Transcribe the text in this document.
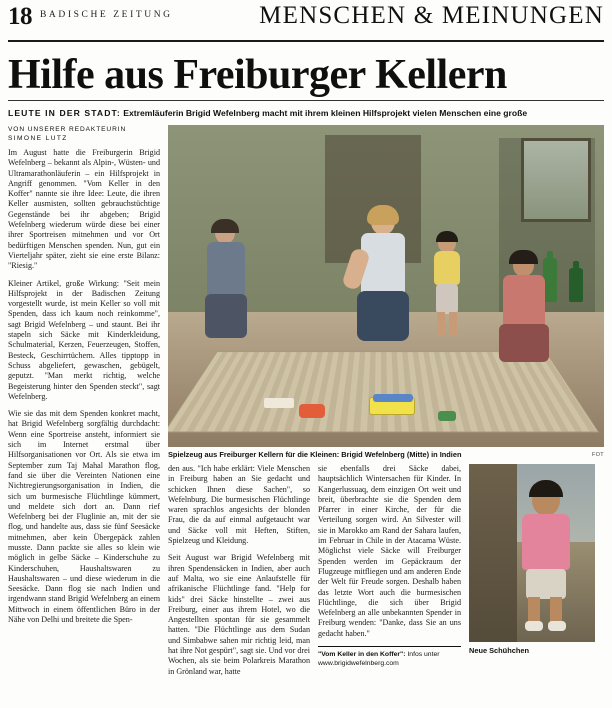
18 BADISCHE ZEITUNG	MENSCHEN & MEINUNGEN
Hilfe aus Freiburger Kellern
LEUTE IN DER STADT: Extremläuferin Brigid Wefelnberg macht mit ihrem kleinen Hilfsprojekt vielen Menschen eine große
VON UNSERER REDAKTEURIN
SIMONE LUTZ

Im August hatte die Freiburgerin Brigid Wefelnberg – bekannt als Alpin-, Wüsten- und Ultramarathonläuferin – ein Hilfsprojekt in Angriff genommen. "Vom Keller in den Koffer" nannte sie ihre Idee: Leute, die ihren Keller ausmisten, sollten gebrauchstüchtige Gegenstände bei ihr abgeben; Brigid Wefelnberg wiederum würde diese bei einer ihrer Sportreisen mitnehmen und vor Ort bedürftigen Menschen spenden. Nun, gut ein Vierteljahr später, zieht sie eine erste Bilanz: "Riesig."

Kleiner Artikel, große Wirkung: "Seit mein Hilfsprojekt in der Badischen Zeitung vorgestellt wurde, ist mein Keller so voll mit Spenden, dass ich kaum noch reinkomme", sagt Brigid Wefelnberg – und staunt. Bei ihr stapeln sich Säcke mit Kinderkleidung, Schulmaterial, Kerzen, Feuerzeugen, Stoffen, Besteck, Geschirrtüchern. Alles tipptopp in Schuss abgeliefert, gewaschen, gebügelt, geputzt. "Man merkt richtig, welche Begeisterung hinter den Spenden steckt", sagt Wefelnberg.

Wie sie das mit dem Spenden konkret macht, hat Brigid Wefelnberg sorgfältig durchdacht: Wenn eine Sportreise ansteht, informiert sie sich im Internet erstmal über Hilfsorganisationen vor Ort. Als sie etwa im September zum Taj Mahal Marathon flog, fand sie über die Vereinten Nationen eine Nichtregierungsorganisation in Indien, die sich um burmesische Flüchtlinge kümmert, und meldete sich dort an. Dann rief Wefelnberg bei der Fluglinie an, mit der sie flog, und handelte aus, dass sie fünf Seesäcke mitnehmen, aber kein Übergepäck zahlen musste. Dann packte sie alles so klein wie möglich in gelbe Säcke – Kinderschuhe zu Kinderschuhen, Haushaltswaren zu Haushaltswaren – und diese wiederum in die Seesäcke. Dann flog sie nach Indien und irgendwann stand Brigid Wefelnberg an einem Mittwoch in einem öffentlichen Büro in der Nähe von Delhi und breitete die Spen-

Spielzeug aus Freiburger Kellern für die Kleinen: Brigid Wefelnberg (Mitte) in Indien	FOT

den aus. "Ich habe erklärt: Viele Menschen in Freiburg haben an Sie gedacht und schicken Ihnen diese Sachen", so Wefelnburg. Die burmesischen Flüchtlinge waren sprachlos angesichts der blonden Frau, die da auf einmal aufgetaucht war und Säcke voll mit Heften, Stiften, Spielzeug und Kleidung.

Seit August war Brigid Wefelnberg mit ihren Spendensäcken in Indien, aber auch auf Malta, wo sie eine Anlaufstelle für afrikanische Flüchtlinge fand. "Help for kids" drei Säcke hinstellte – zwei aus Freiburg, einer aus ihrem Hotel, wo die Angestellten spontan für sie gesammelt hatten. "Die Flüchtlinge aus dem Sudan und Simbabwe sahen mir richtig leid, man hat ihre Not gespürt", sagt sie. Und vor drei Wochen, als sie beim Polarkreis Marathon in Grönland war, hatte

sie ebenfalls drei Säcke dabei, hauptsächlich Wintersachen für Kinder. In Kangerlussuaq, dem einzigen Ort weit und breit, überbrachte sie die Spenden dem Pfarrer in einer Kirche, der für die Verteilung sorgen wird. An Silvester will sie in Marokko am Rand der Sahara laufen, im Februar in Chile in der Atacama Wüste. Möglichst viele Säcke will Freiburger Spenden werden im Gepäckraum der Flugzeuge mitfliegen und am anderen Ende der Welt für Freude sorgen. Deshalb haben das letzte Wort auch die burmesischen Flüchtlinge, die sich über Brigid Wefelnberg an alle unbekannten Spender in Freiburg wenden: "Danke, dass Sie an uns gedacht haben."

"Vom Keller in den Koffer": Infos unter www.brigidwefelnberg.com
Neue Schühchen
